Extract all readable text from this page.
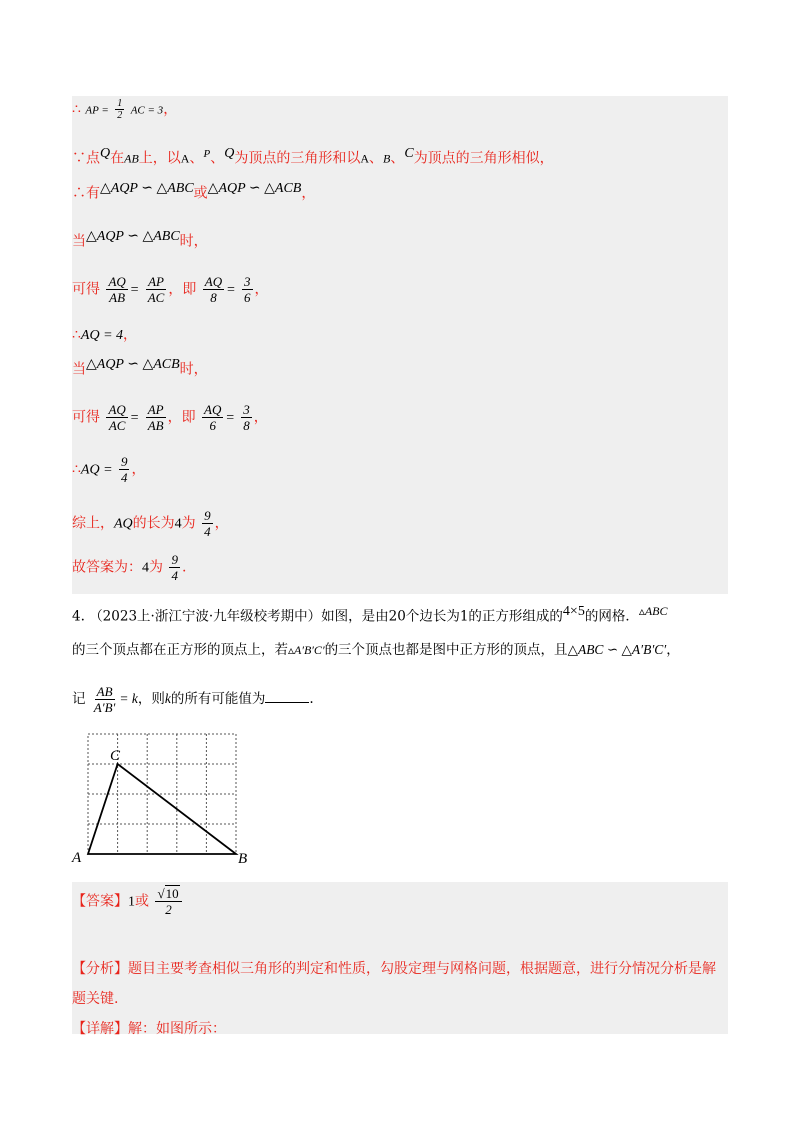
∴ AP = $\frac{1}{2}$ AC = 3，
∵点Q在AB上，以A、$^P$、Q为顶点的三角形和以A、B、C为顶点的三角形相似，
∴有△AQP ∽ △ABC或△AQP ∽ △ACB，
当△AQP ∽ △ABC时，
可得 $\frac{AQ}{AB} = \frac{AP}{AC}$ ，即 $\frac{AQ}{8} = \frac{3}{6}$ ，
∴AQ = 4，
当△AQP ∽ △ACB时，
可得 $\frac{AQ}{AC} = \frac{AP}{AB}$ ，即 $\frac{AQ}{6} = \frac{3}{8}$ ，
∴AQ = $\frac{9}{4}$ ，
综上，AQ的长为4为 $\frac{9}{4}$ ，
故答案为：4为 $\frac{9}{4}$ .
4. （2023上·浙江宁波·九年级校考期中）如图，是由20个边长为1的正方形组成的4×5的网格．▵ABC
的三个顶点都在正方形的顶点上，若▵A′B′C′的三个顶点也都是图中正方形的顶点，且△ABC ∽ △A′B′C′，
记 $\frac{AB}{A'B'} = k$，则k的所有可能值为	.
A	B
C
【答案】1或 $\frac{√10}{2}$
【分析】题目主要考查相似三角形的判定和性质，勾股定理与网格问题，根据题意，进行分情况分析是解
题关键.
【详解】解：如图所示：
